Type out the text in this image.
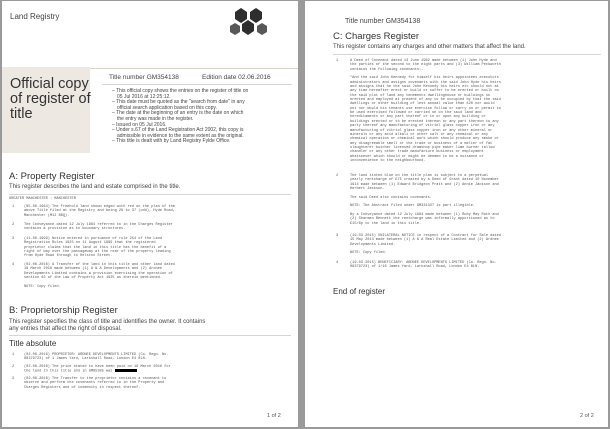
Land Registry
Official copy
of register of
title
Title number GM354138	Edition date 02.06.2016
– This official copy shows the entries on the register of title on
05 Jul 2016 at 12:25:12.
– This date must be quoted as the "search from date" in any
official search application based on this copy.
– The date at the beginning of an entry is the date on which
the entry was made in the register.
– Issued on 05 Jul 2016.
– Under s.67 of the Land Registration Act 2002, this copy is
admissible in evidence to the same extent as the original.
– This title is dealt with by Land Registry Fylde Office.
A: Property Register
This register describes the land and estate comprised in the title.
GREATER MANCHESTER : MANCHESTER
1	(05.06.1964) The Freehold land shown edged with red on the plan of the
above Title filed at the Registry and being 29 to 37 (odd), Hyde Road,
Manchester (M12 6BQ).
2	The Conveyance dated 12 July 1964 referred to in the Charges Register
contains a provision as to boundary structures.
3	(11.06.1999) Notice entered in pursuance of rule 254 of the Land
Registration Rules 1925 on 11 August 1999 that the registered
proprietor claims that the land in this title has the benefit of a
right of way over the passageway at the rear of the property leading
from Hyde Road through to Helston Street.
4	(02.06.2016) A Transfer of the land in this title and other land dated
18 March 2016 made between (1) A & A Developments and (2) Ardnee
Developments Limited contains a provision exercising the operation of
section 62 of the Law of Property Act 1925 as therein mentioned.
NOTE: Copy filed.
B: Proprietorship Register
This register specifies the class of title and identifies the owner. It contains
any entries that affect the right of disposal.
Title absolute
1	(02.06.2016) PROPRIETOR: ARDNEE DEVELOPMENTS LIMITED (Co. Regn. No.
08379723) of 1 James Yard, Larkshall Road, London E4 8LN.
2	(02.06.2016) The price stated to have been paid on 18 March 2016 for
the land in this title and in GM85385 was
3	(02.06.2016) The Transfer to the proprietor contains a covenant to
observe and perform the covenants referred to in the Property and
Charges Registers and of indemnity in respect thereof.
1 of 2
Title number GM354138
C: Charges Register
This register contains any charges and other matters that affect the land.
1	A Deed of Covenant dated 13 June 1962 made between (1) John Hyde and
the parties of the second to the eight parts and (3) William Peckworth
contains the following covenants:-
"And the said John Kennedy for himself his heirs appointees executors
administrators and assigns covenants with the said John Hyde his heirs
and assigns that he the said John Kennedy his heirs etc should not at
any time hereafter erect or build or suffer to be erected or built on
the said plot of land any tenements dwellinghouse or buildings so
erected and employed at present of any to be occupied by that the said
dwellings or other building of less annual value than £20 nor would
not nor would his tenants use exercise follow or carry on or permit to
be used exercised followed or carried on on the said land and
hereditaments or any part thereof or in or upon any building or
buildings erected or to be erected thereon or any part thereon to any
party thereof any manufacturing of vitriol glass copper iron or any
manufacturing of vitriol glass copper iron or any other mineral or
minerals or any acid alkali or other salt or any chemical or any
chemical operation or chemical work which should produce any smoke or
any disagreeable smell or the trade or business of a melter of fat
slaughterer butcher licensed dramshop pipe maker lime burner tallow
chandler or any other trade manufacture business or employment
whatsoever which should or might be deemed to be a nuisance or
inconvenience to the neighbourhood.
2	The land tinted blue on the title plan is subject to a perpetual
yearly rentcharge of £75 created by a Deed of Grant dated 10 November
1914 made between (1) Edward Bridgeon Pratt and (2) Annie Jackson and
Herbert Jackson.
The said Deed also contains covenants.
NOTE: The Abstract filed under GM331337 is part illegible.
By a Conveyance dated 12 July 1964 made between (1) Ruby May Roth and
(2) Sharman Bennett the rentcharge was informally apportioned as to
£15/6p to the land in this title.
3	(19.03.2015) UNILATERAL NOTICE in respect of a Contract for Sale dated
15 May 2013 made between (1) A & A Real Estate Limited and (2) Ardnee
Developments Limited.
NOTE: Copy filed.
4	(19.03.2015) BENEFICIARY: ARDNEE DEVELOPMENTS LIMITED (Co. Regn. No.
08379723) of 1/16 James Yard, Larkshall Road, London E4 8LN.
End of register
2 of 2
